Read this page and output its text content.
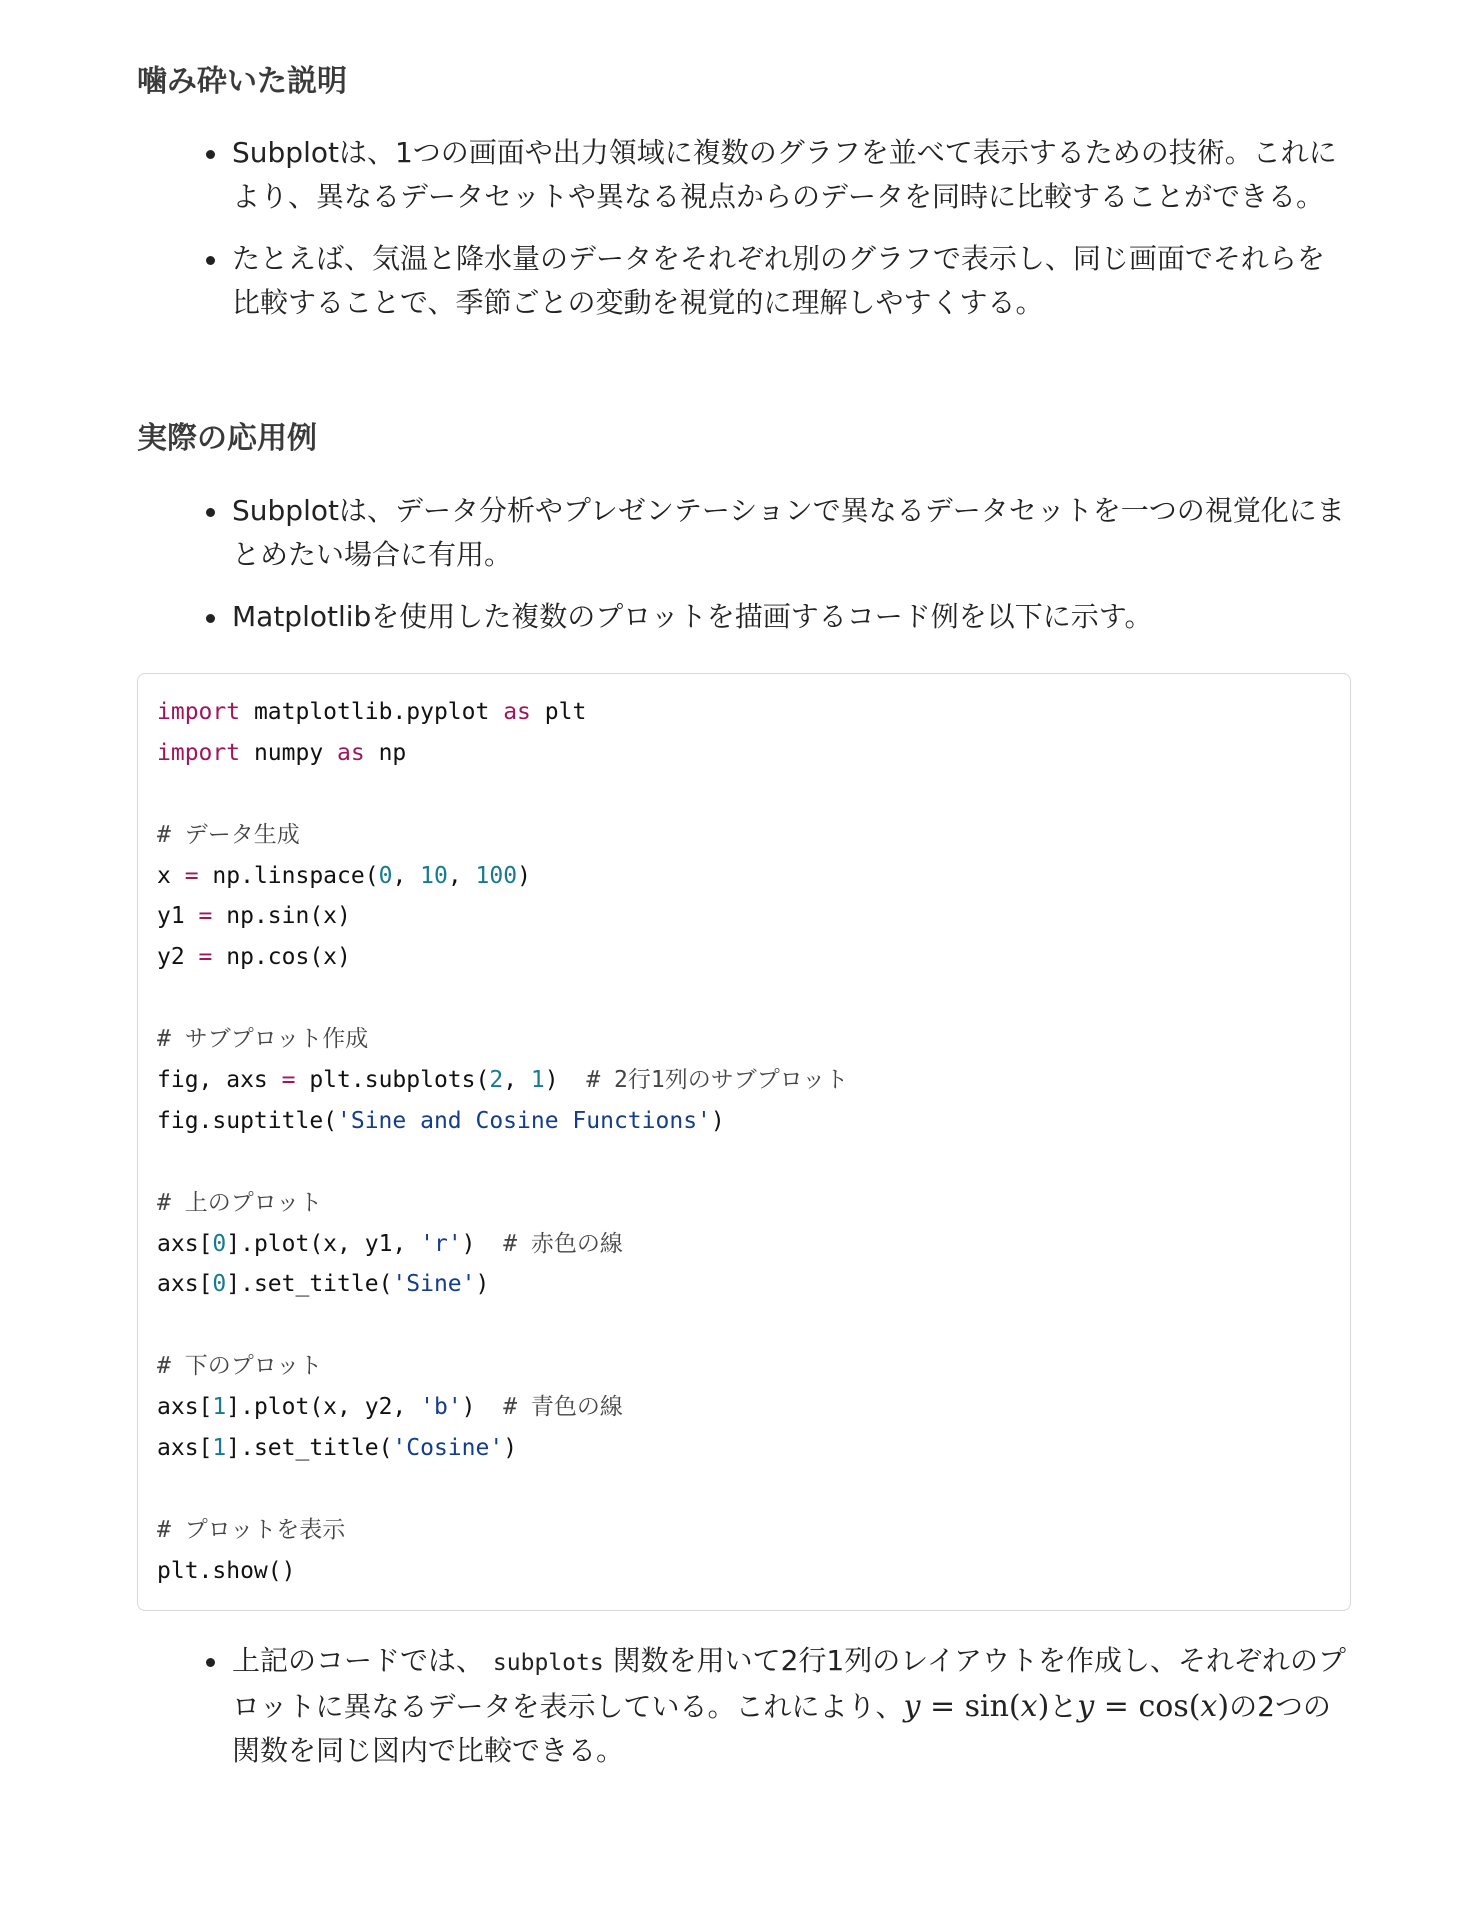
噛み砕いた説明
Subplotは、1つの画面や出力領域に複数のグラフを並べて表示するための技術。これにより、異なるデータセットや異なる視点からのデータを同時に比較することができる。
たとえば、気温と降水量のデータをそれぞれ別のグラフで表示し、同じ画面でそれらを比較することで、季節ごとの変動を視覚的に理解しやすくする。
実際の応用例
Subplotは、データ分析やプレゼンテーションで異なるデータセットを一つの視覚化にまとめたい場合に有用。
Matplotlibを使用した複数のプロットを描画するコード例を以下に示す。
import matplotlib.pyplot as plt
import numpy as np
# データ生成
x = np.linspace(0, 10, 100)
y1 = np.sin(x)
y2 = np.cos(x)
# サブプロット作成
fig, axs = plt.subplots(2, 1)  # 2行1列のサブプロット
fig.suptitle('Sine and Cosine Functions')
# 上のプロット
axs[0].plot(x, y1, 'r')  # 赤色の線
axs[0].set_title('Sine')
# 下のプロット
axs[1].plot(x, y2, 'b')  # 青色の線
axs[1].set_title('Cosine')
# プロットを表示
plt.show()
上記のコードでは、 subplots 関数を用いて2行1列のレイアウトを作成し、それぞれのプロットに異なるデータを表示している。これにより、y = sin(x)とy = cos(x)の2つの関数を同じ図内で比較できる。
